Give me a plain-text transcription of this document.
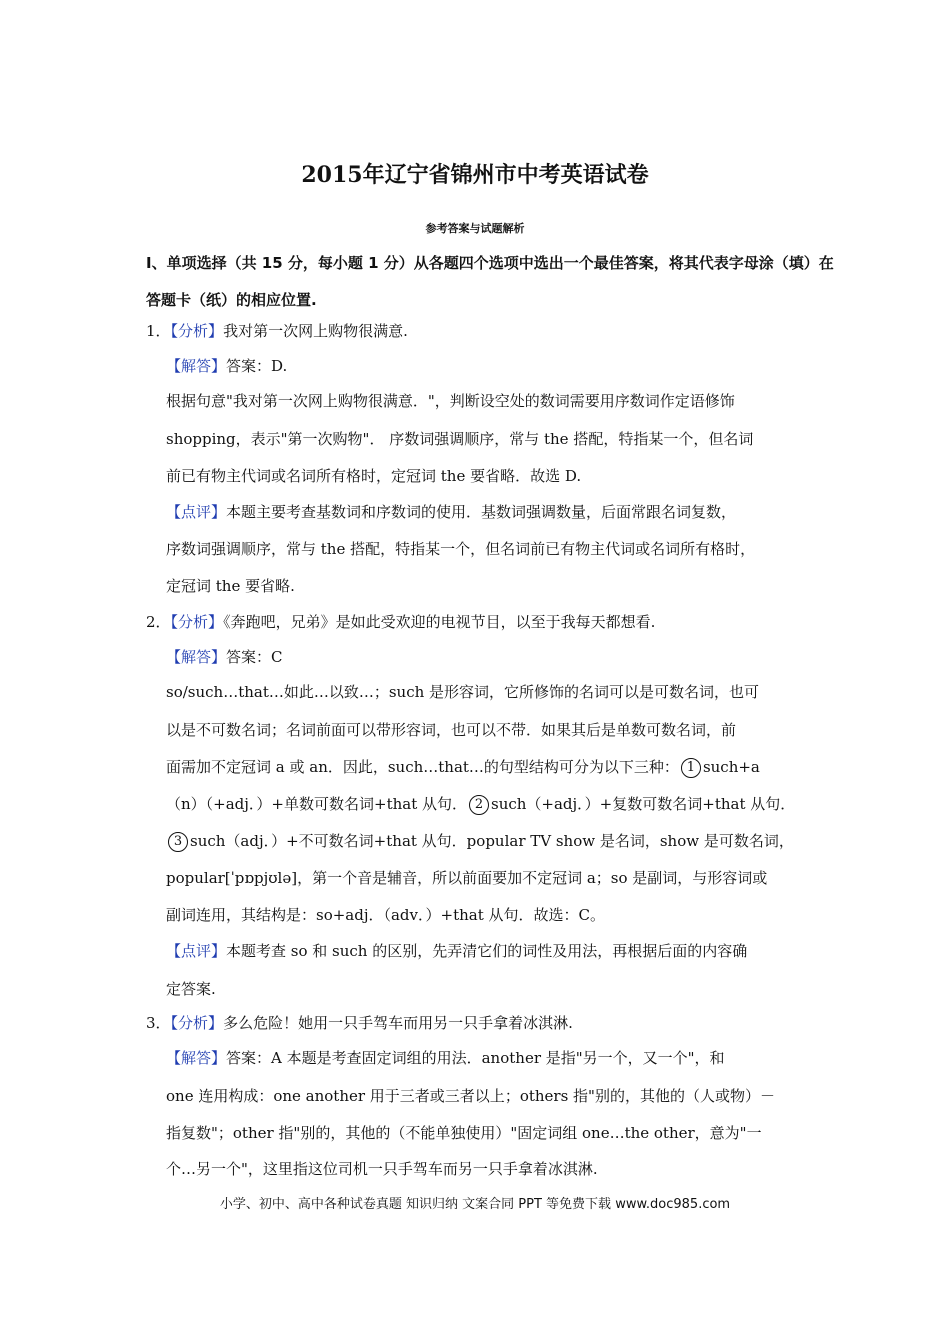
2015年辽宁省锦州市中考英语试卷
参考答案与试题解析
I、单项选择（共 15 分，每小题 1 分）从各题四个选项中选出一个最佳答案，将其代表字母涂（填）在答题卡（纸）的相应位置.
1．【分析】我对第一次网上购物很满意.
【解答】答案：D.
根据句意"我对第一次网上购物很满意．"，判断设空处的数词需要用序数词作定语修饰
shopping，表示"第一次购物"． 序数词强调顺序，常与 the 搭配，特指某一个，但名词
前已有物主代词或名词所有格时，定冠词 the 要省略．故选 D.
【点评】本题主要考查基数词和序数词的使用．基数词强调数量，后面常跟名词复数，
序数词强调顺序，常与 the 搭配，特指某一个，但名词前已有物主代词或名词所有格时，
定冠词 the 要省略.
2．【分析】《奔跑吧，兄弟》是如此受欢迎的电视节目，以至于我每天都想看.
【解答】答案：C
so/such…that…如此…以致…；such 是形容词，它所修饰的名词可以是可数名词，也可
以是不可数名词；名词前面可以带形容词，也可以不带．如果其后是单数可数名词，前
面需加不定冠词 a 或 an．因此，such…that…的句型结构可分为以下三种： 1 such+a
（n）（+adj．）+单数可数名词+that 从句． 2 such（+adj．）+复数可数名词+that 从句．
3 such（adj．）+不可数名词+that 从句．popular TV show 是名词，show 是可数名词，
popular[ˈpɒpjʊlə]，第一个音是辅音，所以前面要加不定冠词 a；so 是副词，与形容词或
副词连用，其结构是：so+adj．（adv．）+that 从句．故选：C。
【点评】本题考查 so 和 such 的区别，先弄清它们的词性及用法，再根据后面的内容确
定答案.
3．【分析】多么危险！她用一只手驾车而用另一只手拿着冰淇淋.
【解答】答案：A 本题是考查固定词组的用法．another 是指"另一个，又一个"，和
one 连用构成：one another 用于三者或三者以上；others 指"别的，其他的（人或物）－
指复数"；other 指"别的，其他的（不能单独使用）"固定词组 one…the other，意为"一
个…另一个"，这里指这位司机一只手驾车而另一只手拿着冰淇淋.
小学、初中、高中各种试卷真题 知识归纳 文案合同 PPT 等免费下载 www.doc985.com
